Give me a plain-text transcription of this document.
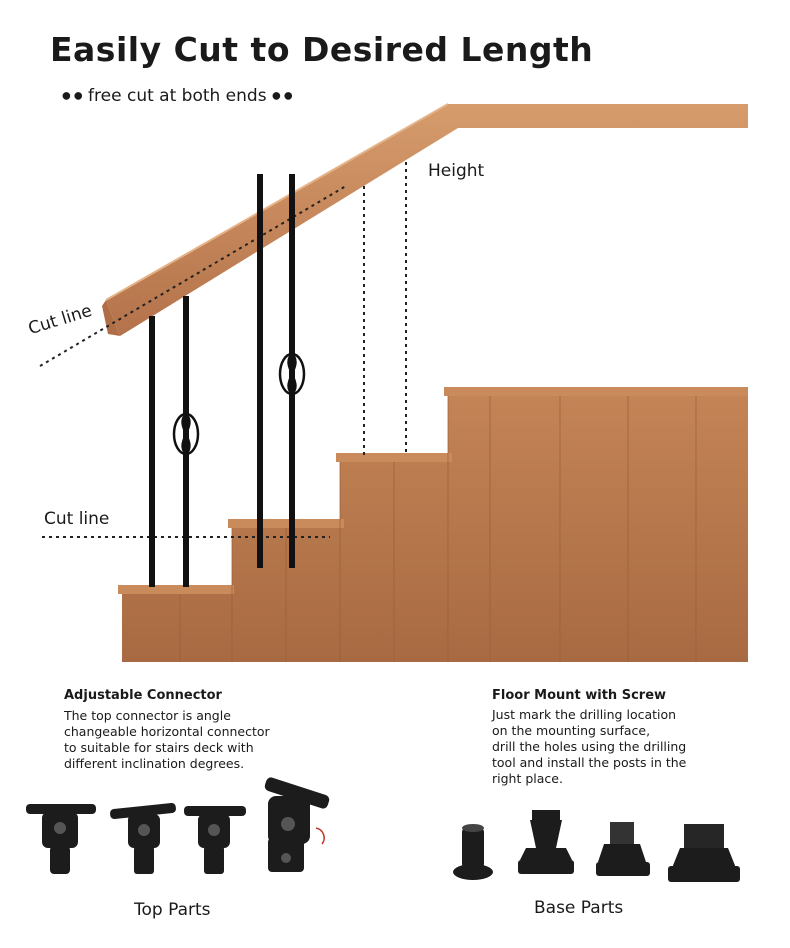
Easily Cut to Desired Length
● ● free cut at both ends ● ●
Cut line
Cut line
Height
Adjustable Connector
The top connector is angle
changeable horizontal connector
to suitable for stairs deck with
different inclination degrees.
Floor Mount with Screw
Just mark the drilling location
on the mounting surface,
drill the holes using the drilling
tool and install the posts in the
right place.
Top Parts	Base Parts
